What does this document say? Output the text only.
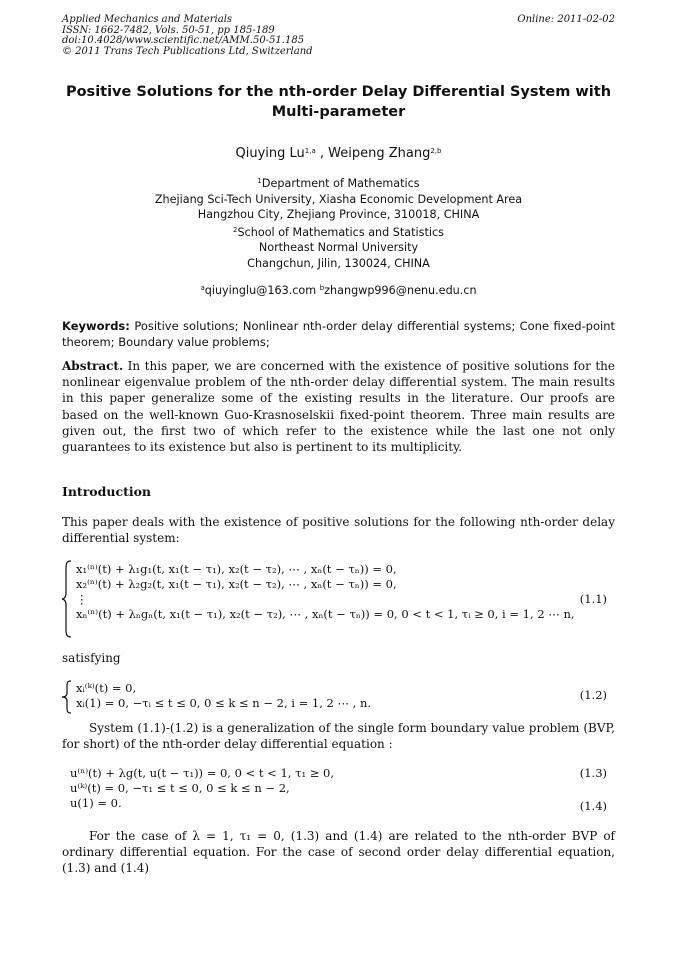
Applied Mechanics and Materials
ISSN: 1662-7482, Vols. 50-51, pp 185-189
doi:10.4028/www.scientific.net/AMM.50-51.185
© 2011 Trans Tech Publications Ltd, Switzerland
Online: 2011-02-02
Positive Solutions for the nth-order Delay Differential System with
Multi-parameter
Qiuying Lu$^{1,a}$ , Weipeng Zhang$^{2,b}$
$^1$Department of Mathematics
Zhejiang Sci-Tech University, Xiasha Economic Development Area
Hangzhou City, Zhejiang Province, 310018, CHINA
$^2$School of Mathematics and Statistics
Northeast Normal University
Changchun, Jilin, 130024, CHINA
$^a$qiuyinglu@163.com $^b$zhangwp996@nenu.edu.cn
Keywords: Positive solutions; Nonlinear nth-order delay differential systems; Cone fixed-point theorem; Boundary value problems;
Abstract. In this paper, we are concerned with the existence of positive solutions for the nonlinear eigenvalue problem of the nth-order delay differential system. The main results in this paper generalize some of the existing results in the literature. Our proofs are based on the well-known Guo-Krasnoselskii fixed-point theorem. Three main results are given out, the first two of which refer to the existence while the last one not only guarantees to its existence but also is pertinent to its multiplicity.
Introduction
This paper deals with the existence of positive solutions for the following nth-order delay differential system:
x₁⁽ⁿ⁾(t) + λ₁g₁(t, x₁(t − τ₁), x₂(t − τ₂), ⋯ , xₙ(t − τₙ)) = 0,
x₂⁽ⁿ⁾(t) + λ₂g₂(t, x₁(t − τ₁), x₂(t − τ₂), ⋯ , xₙ(t − τₙ)) = 0,
⋮
xₙ⁽ⁿ⁾(t) + λₙgₙ(t, x₁(t − τ₁), x₂(t − τ₂), ⋯ , xₙ(t − τₙ)) = 0, 0 < t < 1, τᵢ ≥ 0, i = 1, 2 ⋯ n,
(1.1)
satisfying
xᵢ⁽ᵏ⁾(t) = 0,
xᵢ(1) = 0, −τᵢ ≤ t ≤ 0, 0 ≤ k ≤ n − 2, i = 1, 2 ⋯ , n.
(1.2)
System (1.1)-(1.2) is a generalization of the single form boundary value problem (BVP, for short) of the nth-order delay differential equation :
u⁽ⁿ⁾(t) + λg(t, u(t − τ₁)) = 0, 0 < t < 1, τ₁ ≥ 0,
u⁽ᵏ⁾(t) = 0, −τ₁ ≤ t ≤ 0, 0 ≤ k ≤ n − 2,
u(1) = 0.
(1.3)
(1.4)
For the case of λ = 1, τ₁ = 0, (1.3) and (1.4) are related to the nth-order BVP of ordinary differential equation. For the case of second order delay differential equation, (1.3) and (1.4)
